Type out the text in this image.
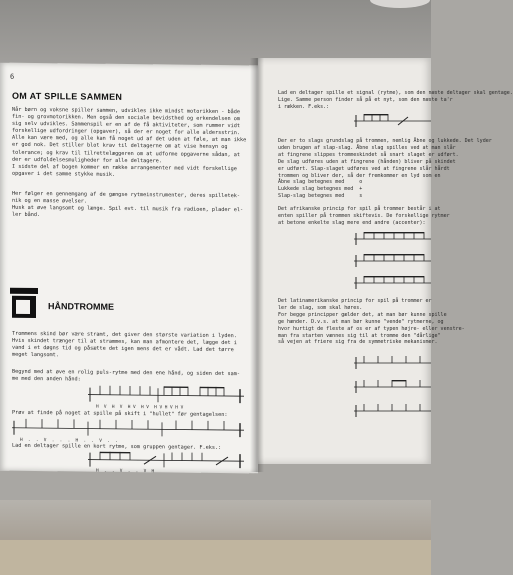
6
OM AT SPILLE SAMMEN
Når børn og voksne spiller sammen, udvikles ikke mindst motorikken - både
fin- og grovmotorikken. Men også den sociale bevidsthed og erkendelsen om
sig selv udvikles. Sammenspil er en af de få aktiviteter, som rummer vidt
forskellige udfordringer (opgaver), så der er noget for alle aldersstrin.
Alle kan være med, og alle kan få noget ud af det uden at føle, at man ikke
er god nok. Det stiller blot krav til deltagerne om at vise hensyn og
tolerance; og krav til tilrettelæggeren om at udforme opgaverne sådan, at
der er udfoldelsesmuligheder for alle deltagere.
I sidste del af bogen kommer en række arrangementer med vidt forskellige
opgaver i det samme stykke musik.
Her følger en gennemgang af de gængse rytmeinstrumenter, deres spilletek-
nik og en masse øvelser.
Husk at øve langsomt og længe. Spil evt. til musik fra radioen, plader el-
ler bånd.
HÅNDTROMME
Trommens skind bør være stramt, det giver den største variation i lyden.
Hvis skindet trænger til at strammes, kan man afmontere det, lægge det i
vand i et døgns tid og påsætte det igen mens det er vådt. Lad det tørre
meget langsomt.
Begynd med at øve en rolig puls-rytme med den ene hånd, og siden det sam-
me med den anden hånd:
H  V  H  V  H V  H V  H V H V H V
Prøv at finde på noget at spille på skift i "hullet" før gentagelsen:
H  .  .  V  .  .  .  H  .  .  V  .  .
Lad en deltager spille en kort rytme, som gruppen gentager. F.eks.:
H  .  .  V  .  .  V  H
Lad en deltager spille et signal (rytme), som den næste deltager skal gentage.
Lige. Samme person finder så på et nyt, som den næste ta'r
i rækken. F.eks.:
Der er to slags grundslag på trommen, nemlig Åbne og lukkede. Det lyder
uden brugen af slap-slag. Åbne slag spilles ved at man slår
at fingrene slippes trommeskindet så snart slaget er udført.
De slag udføres uden at fingrene (hånden) bliver på skindet
er udført. Slap-slaget udføres ved at fingrene slår hårdt
trommen og bliver der, så der fremkommer en lyd som en
Åbne slag betegnes med     o
Lukkede slag betegnes med  +
Slap-slag betegnes med     s
Det afrikanske princip for spil på trommer består i at
enten spiller på trommen skiftevis. De forskellige rytmer
at betone enkelte slag mere end andre (accenter):
Det latinamerikanske princip for spil på trommer er
ler de slag, som skal høres.
For begge principper gælder det, at man bør kunne spille
ge hænder. D.v.s. at man bør kunne "vende" rytmerne, og
hvor hurtigt de fleste af os er af typen højre- eller venstre-
man fra starten vænnes sig til at tromme den "dårlige"
så vejen at friere sig fra de symmetriske mekanismer.
